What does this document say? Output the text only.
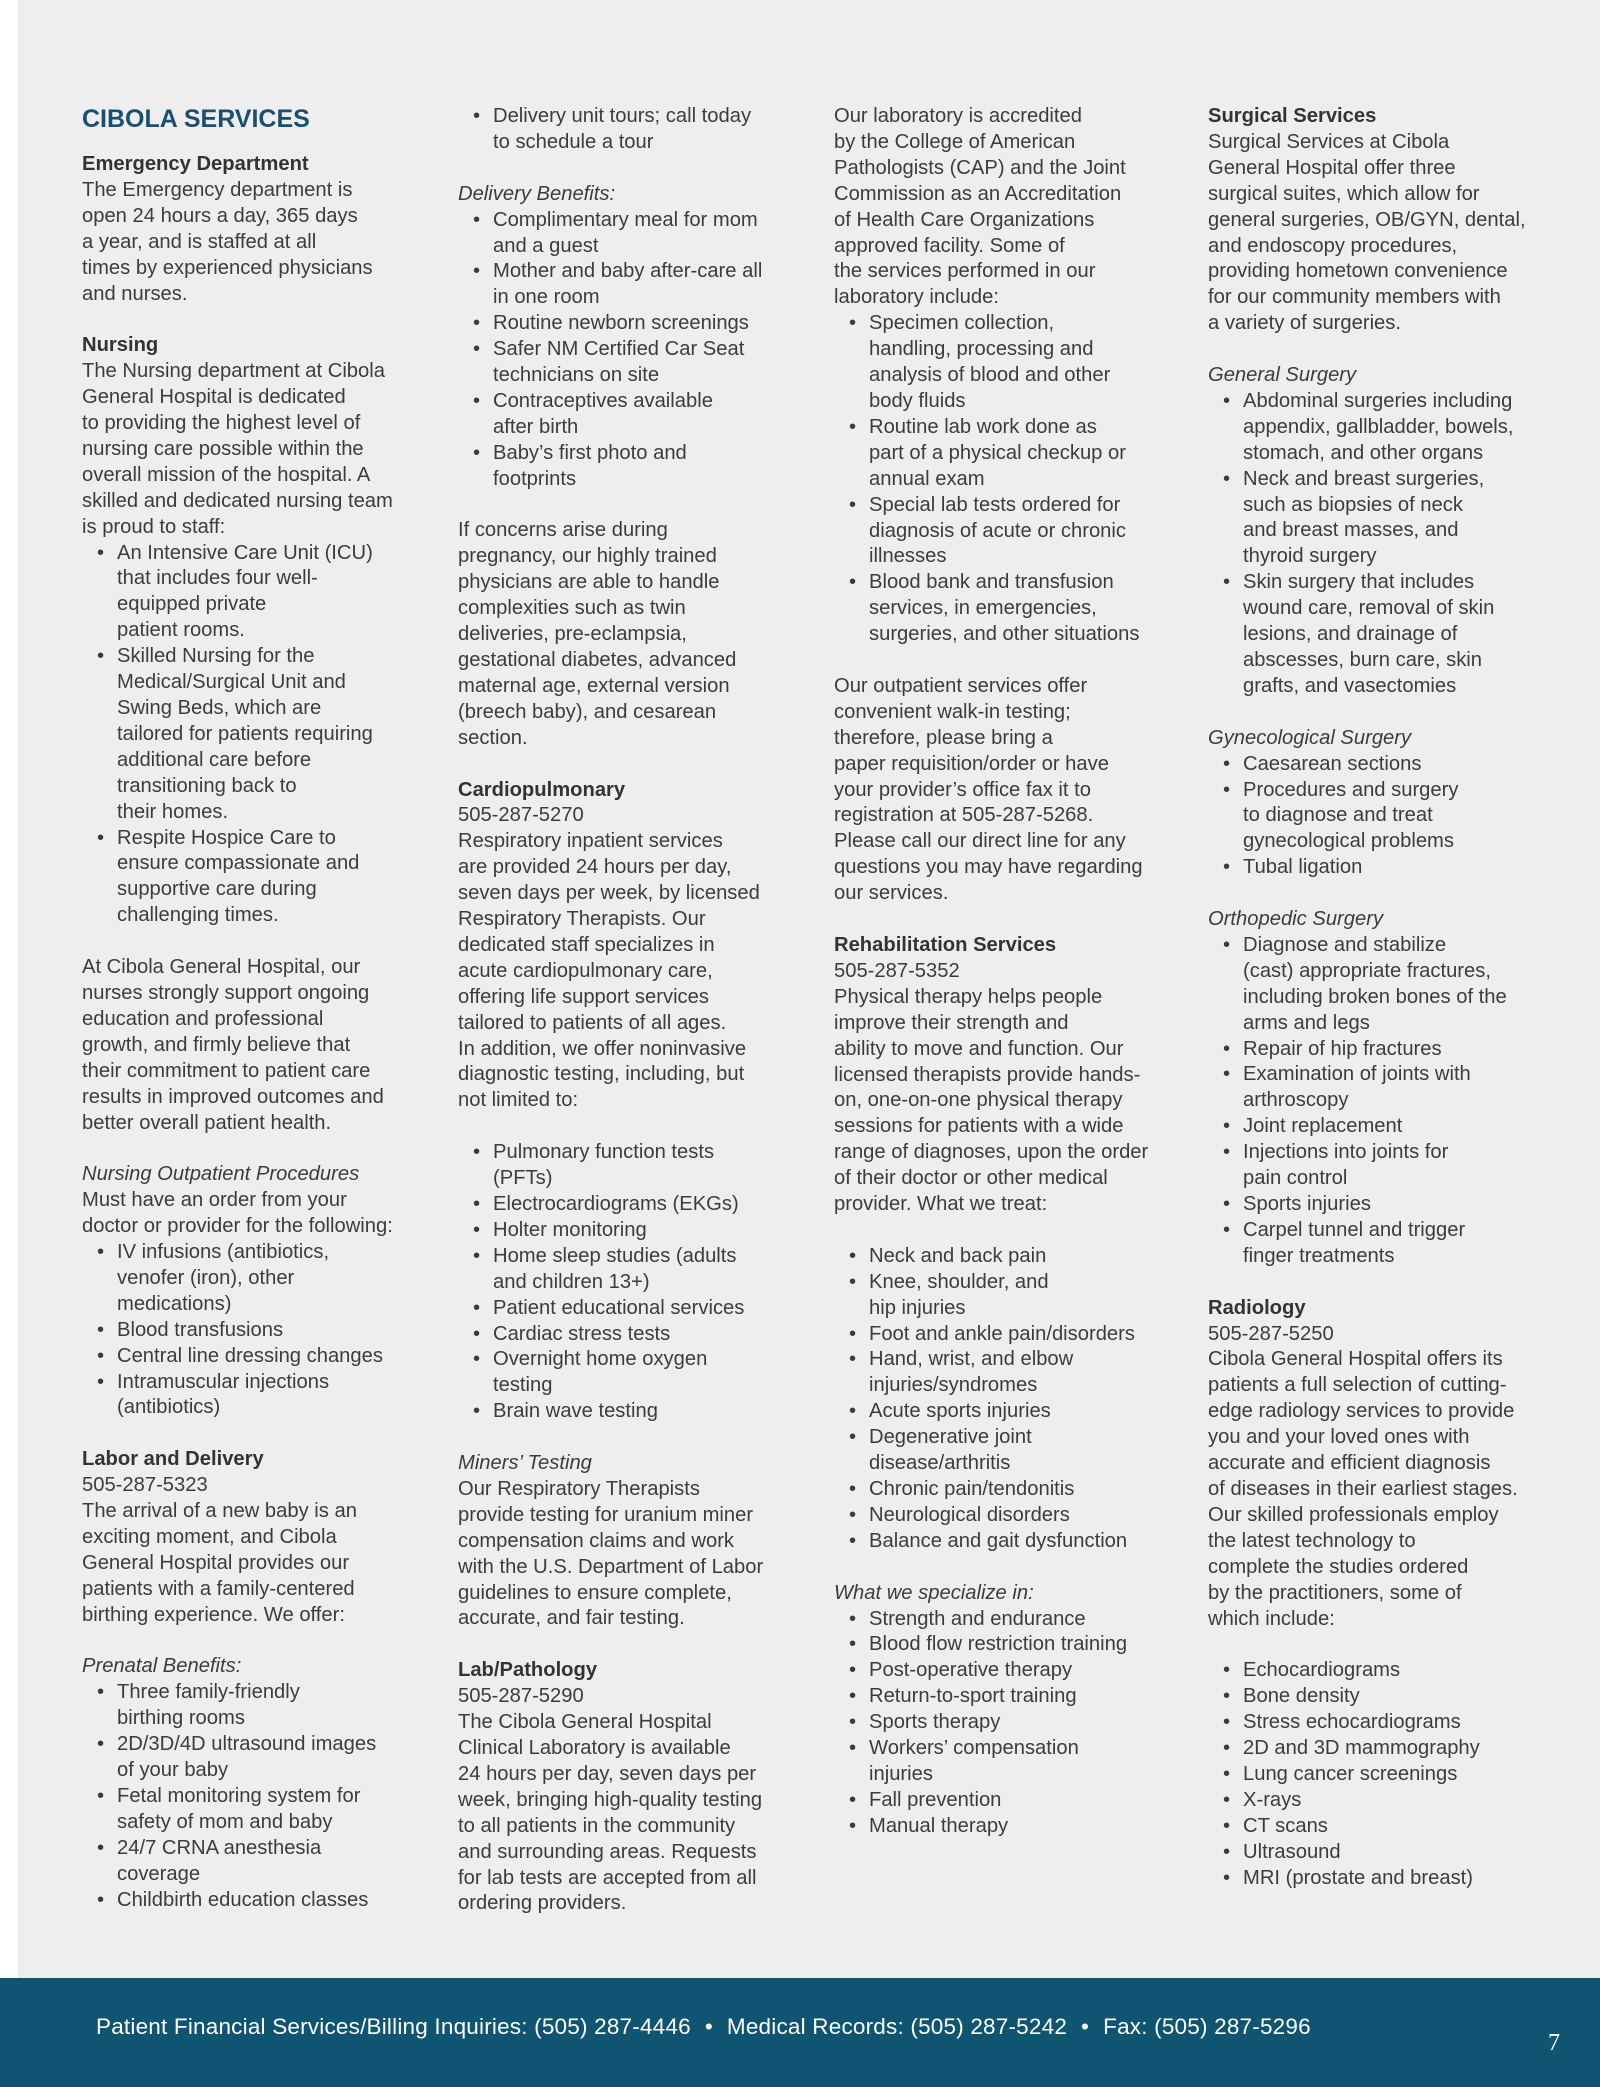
CIBOLA SERVICES
Emergency Department
The Emergency department is
open 24 hours a day, 365 days
a year, and is staffed at all
times by experienced physicians
and nurses.
Nursing
The Nursing department at Cibola
General Hospital is dedicated
to providing the highest level of
nursing care possible within the
overall mission of the hospital. A
skilled and dedicated nursing team
is proud to staff:
• An Intensive Care Unit (ICU)
that includes four well-
equipped private
patient rooms.
• Skilled Nursing for the
Medical/Surgical Unit and
Swing Beds, which are
tailored for patients requiring
additional care before
transitioning back to
their homes.
• Respite Hospice Care to
ensure compassionate and
supportive care during
challenging times.
At Cibola General Hospital, our
nurses strongly support ongoing
education and professional
growth, and firmly believe that
their commitment to patient care
results in improved outcomes and
better overall patient health.
Nursing Outpatient Procedures
Must have an order from your
doctor or provider for the following:
• IV infusions (antibiotics,
venofer (iron), other
medications)
• Blood transfusions
• Central line dressing changes
• Intramuscular injections
(antibiotics)
Labor and Delivery
505-287-5323
The arrival of a new baby is an
exciting moment, and Cibola
General Hospital provides our
patients with a family-centered
birthing experience. We offer:
Prenatal Benefits:
• Three family-friendly
birthing rooms
• 2D/3D/4D ultrasound images
of your baby
• Fetal monitoring system for
safety of mom and baby
• 24/7 CRNA anesthesia
coverage
• Childbirth education classes
• Delivery unit tours; call today
to schedule a tour
Delivery Benefits:
• Complimentary meal for mom
and a guest
• Mother and baby after-care all
in one room
• Routine newborn screenings
• Safer NM Certified Car Seat
technicians on site
• Contraceptives available
after birth
• Baby’s first photo and
footprints
If concerns arise during
pregnancy, our highly trained
physicians are able to handle
complexities such as twin
deliveries, pre-eclampsia,
gestational diabetes, advanced
maternal age, external version
(breech baby), and cesarean
section.
Cardiopulmonary
505-287-5270
Respiratory inpatient services
are provided 24 hours per day,
seven days per week, by licensed
Respiratory Therapists. Our
dedicated staff specializes in
acute cardiopulmonary care,
offering life support services
tailored to patients of all ages.
In addition, we offer noninvasive
diagnostic testing, including, but
not limited to:
• Pulmonary function tests
(PFTs)
• Electrocardiograms (EKGs)
• Holter monitoring
• Home sleep studies (adults
and children 13+)
• Patient educational services
• Cardiac stress tests
• Overnight home oxygen
testing
• Brain wave testing
Miners’ Testing
Our Respiratory Therapists
provide testing for uranium miner
compensation claims and work
with the U.S. Department of Labor
guidelines to ensure complete,
accurate, and fair testing.
Lab/Pathology
505-287-5290
The Cibola General Hospital
Clinical Laboratory is available
24 hours per day, seven days per
week, bringing high-quality testing
to all patients in the community
and surrounding areas. Requests
for lab tests are accepted from all
ordering providers.
Our laboratory is accredited
by the College of American
Pathologists (CAP) and the Joint
Commission as an Accreditation
of Health Care Organizations
approved facility. Some of
the services performed in our
laboratory include:
• Specimen collection,
handling, processing and
analysis of blood and other
body fluids
• Routine lab work done as
part of a physical checkup or
annual exam
• Special lab tests ordered for
diagnosis of acute or chronic
illnesses
• Blood bank and transfusion
services, in emergencies,
surgeries, and other situations
Our outpatient services offer
convenient walk-in testing;
therefore, please bring a
paper requisition/order or have
your provider’s office fax it to
registration at 505-287-5268.
Please call our direct line for any
questions you may have regarding
our services.
Rehabilitation Services
505-287-5352
Physical therapy helps people
improve their strength and
ability to move and function. Our
licensed therapists provide hands-
on, one-on-one physical therapy
sessions for patients with a wide
range of diagnoses, upon the order
of their doctor or other medical
provider. What we treat:
• Neck and back pain
• Knee, shoulder, and
hip injuries
• Foot and ankle pain/disorders
• Hand, wrist, and elbow
injuries/syndromes
• Acute sports injuries
• Degenerative joint
disease/arthritis
• Chronic pain/tendonitis
• Neurological disorders
• Balance and gait dysfunction
What we specialize in:
• Strength and endurance
• Blood flow restriction training
• Post-operative therapy
• Return-to-sport training
• Sports therapy
• Workers’ compensation
injuries
• Fall prevention
• Manual therapy
Surgical Services
Surgical Services at Cibola
General Hospital offer three
surgical suites, which allow for
general surgeries, OB/GYN, dental,
and endoscopy procedures,
providing hometown convenience
for our community members with
a variety of surgeries.
General Surgery
• Abdominal surgeries including
appendix, gallbladder, bowels,
stomach, and other organs
• Neck and breast surgeries,
such as biopsies of neck
and breast masses, and
thyroid surgery
• Skin surgery that includes
wound care, removal of skin
lesions, and drainage of
abscesses, burn care, skin
grafts, and vasectomies
Gynecological Surgery
• Caesarean sections
• Procedures and surgery
to diagnose and treat
gynecological problems
• Tubal ligation
Orthopedic Surgery
• Diagnose and stabilize
(cast) appropriate fractures,
including broken bones of the
arms and legs
• Repair of hip fractures
• Examination of joints with
arthroscopy
• Joint replacement
• Injections into joints for
pain control
• Sports injuries
• Carpel tunnel and trigger
finger treatments
Radiology
505-287-5250
Cibola General Hospital offers its
patients a full selection of cutting-
edge radiology services to provide
you and your loved ones with
accurate and efficient diagnosis
of diseases in their earliest stages.
Our skilled professionals employ
the latest technology to
complete the studies ordered
by the practitioners, some of
which include:
• Echocardiograms
• Bone density
• Stress echocardiograms
• 2D and 3D mammography
• Lung cancer screenings
• X-rays
• CT scans
• Ultrasound
• MRI (prostate and breast)
Patient Financial Services/Billing Inquiries: (505) 287-4446 • Medical Records: (505) 287-5242 • Fax: (505) 287-5296
7
